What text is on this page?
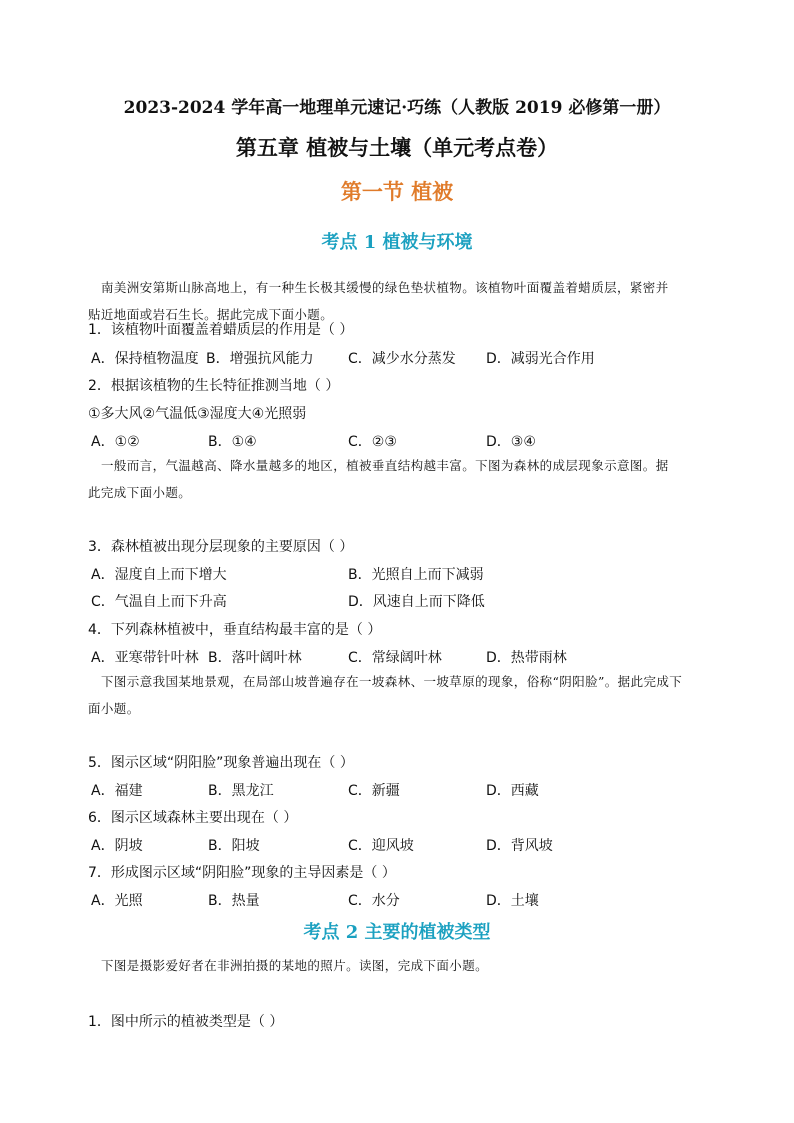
2023-2024 学年高一地理单元速记·巧练（人教版 2019 必修第一册）
第五章 植被与土壤（单元考点卷）
第一节 植被
考点 1 植被与环境
南美洲安第斯山脉高地上，有一种生长极其缓慢的绿色垫状植物。该植物叶面覆盖着蜡质层，紧密并
贴近地面或岩石生长。据此完成下面小题。
1．该植物叶面覆盖着蜡质层的作用是（ ）
A．保持植物温度 B．增强抗风能力 C．减少水分蒸发 D．减弱光合作用
2．根据该植物的生长特征推测当地（ ）
①多大风②气温低③湿度大④光照弱
A．①②	B．①④	C．②③	D．③④
一般而言，气温越高、降水量越多的地区，植被垂直结构越丰富。下图为森林的成层现象示意图。据
此完成下面小题。
3．森林植被出现分层现象的主要原因（ ）
A．湿度自上而下增大	B．光照自上而下减弱
C．气温自上而下升高	D．风速自上而下降低
4．下列森林植被中，垂直结构最丰富的是（ ）
A．亚寒带针叶林 B．落叶阔叶林	C．常绿阔叶林	D．热带雨林
下图示意我国某地景观，在局部山坡普遍存在一坡森林、一坡草原的现象，俗称“阴阳脸”。据此完成下
面小题。
5．图示区域“阴阳脸”现象普遍出现在（ ）
A．福建	B．黑龙江	C．新疆	D．西藏
6．图示区域森林主要出现在（ ）
A．阴坡	B．阳坡	C．迎风坡	D．背风坡
7．形成图示区域“阴阳脸”现象的主导因素是（ ）
A．光照	B．热量	C．水分	D．土壤
考点 2 主要的植被类型
下图是摄影爱好者在非洲拍摄的某地的照片。读图，完成下面小题。
1．图中所示的植被类型是（ ）
